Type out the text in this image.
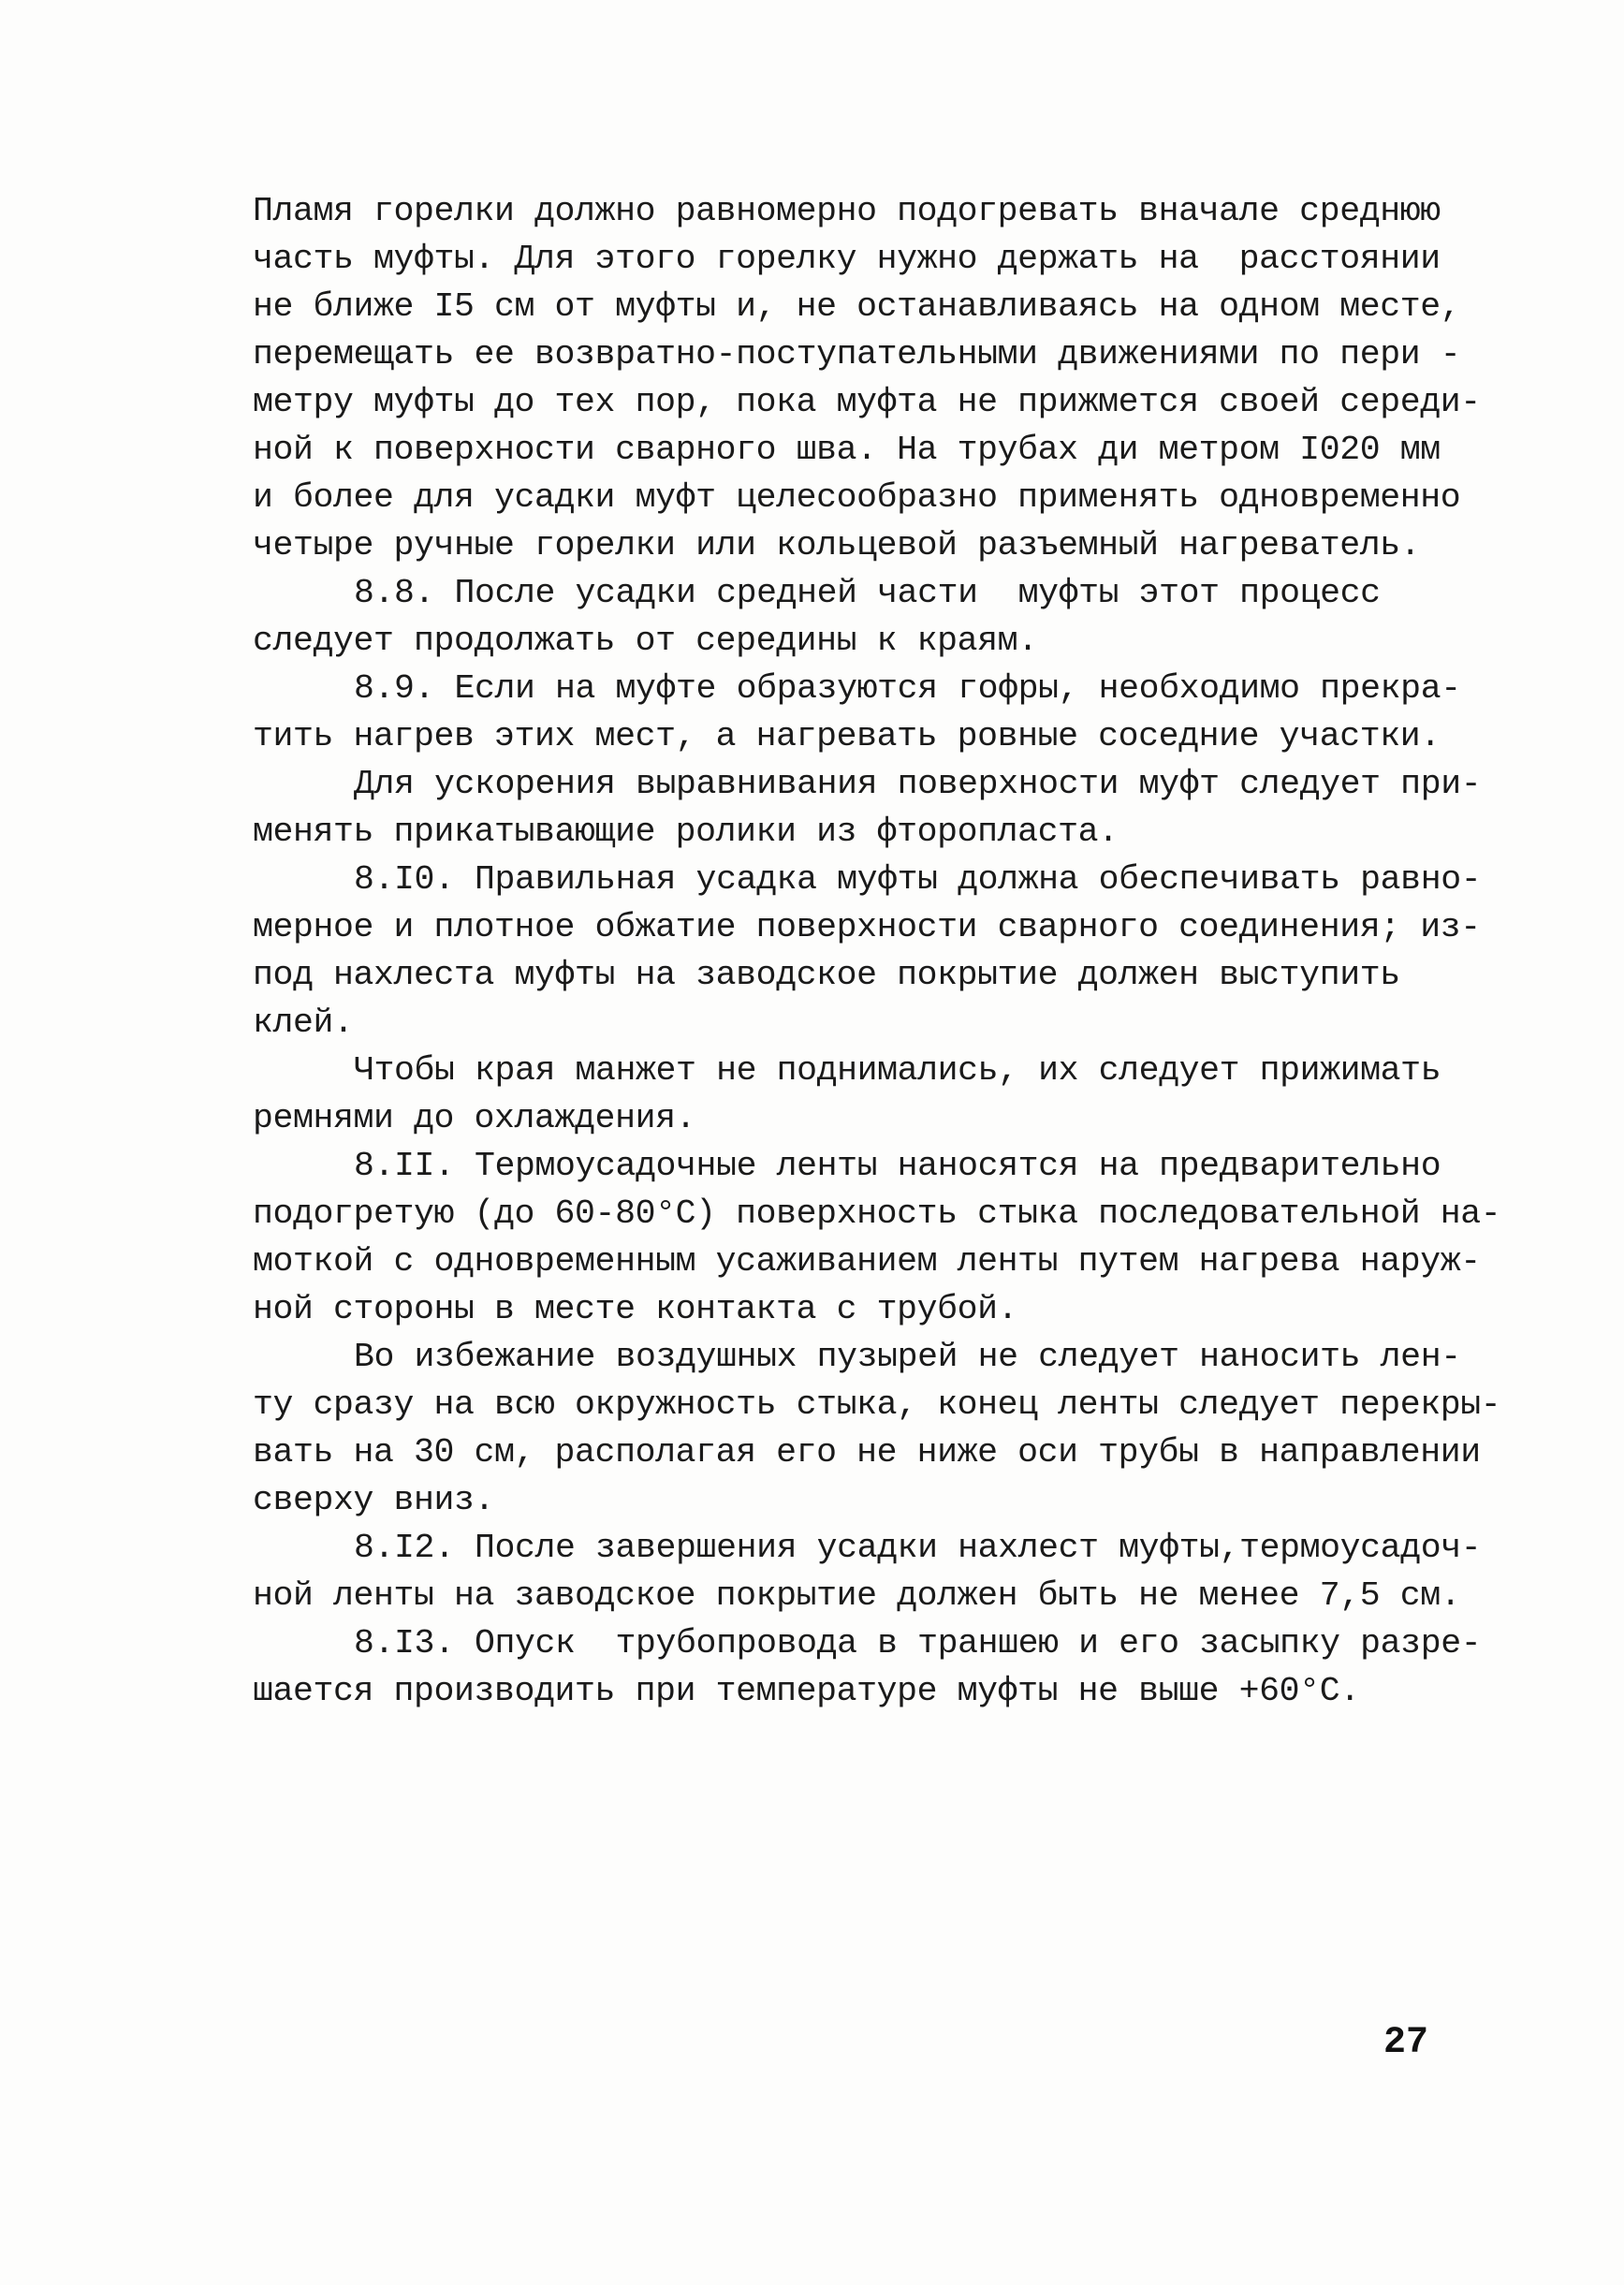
Пламя горелки должно равномерно подогревать вначале среднюю
часть муфты. Для этого горелку нужно держать на  расстоянии
не ближе I5 см от муфты и, не останавливаясь на одном месте,
перемещать ее возвратно-поступательными движениями по пери -
метру муфты до тех пор, пока муфта не прижмется своей середи-
ной к поверхности сварного шва. На трубах ди метром I020 мм
и более для усадки муфт целесообразно применять одновременно
четыре ручные горелки или кольцевой разъемный нагреватель.
8.8. После усадки средней части  муфты этот процесс
следует продолжать от середины к краям.
8.9. Если на муфте образуются гофры, необходимо прекра-
тить нагрев этих мест, а нагревать ровные соседние участки.
Для ускорения выравнивания поверхности муфт следует при-
менять прикатывающие ролики из фторопласта.
8.I0. Правильная усадка муфты должна обеспечивать равно-
мерное и плотное обжатие поверхности сварного соединения; из-
под нахлеста муфты на заводское покрытие должен выступить
клей.
Чтобы края манжет не поднимались, их следует прижимать
ремнями до охлаждения.
8.II. Термоусадочные ленты наносятся на предварительно
подогретую (до 60-80°С) поверхность стыка последовательной на-
моткой с одновременным усаживанием ленты путем нагрева наруж-
ной стороны в месте контакта с трубой.
Во избежание воздушных пузырей не следует наносить лен-
ту сразу на всю окружность стыка, конец ленты следует перекры-
вать на 30 см, располагая его не ниже оси трубы в направлении
сверху вниз.
8.I2. После завершения усадки нахлест муфты,термоусадоч-
ной ленты на заводское покрытие должен быть не менее 7,5 см.
8.I3. Опуск  трубопровода в траншею и его засыпку разре-
шается производить при температуре муфты не выше +60°С.
27
